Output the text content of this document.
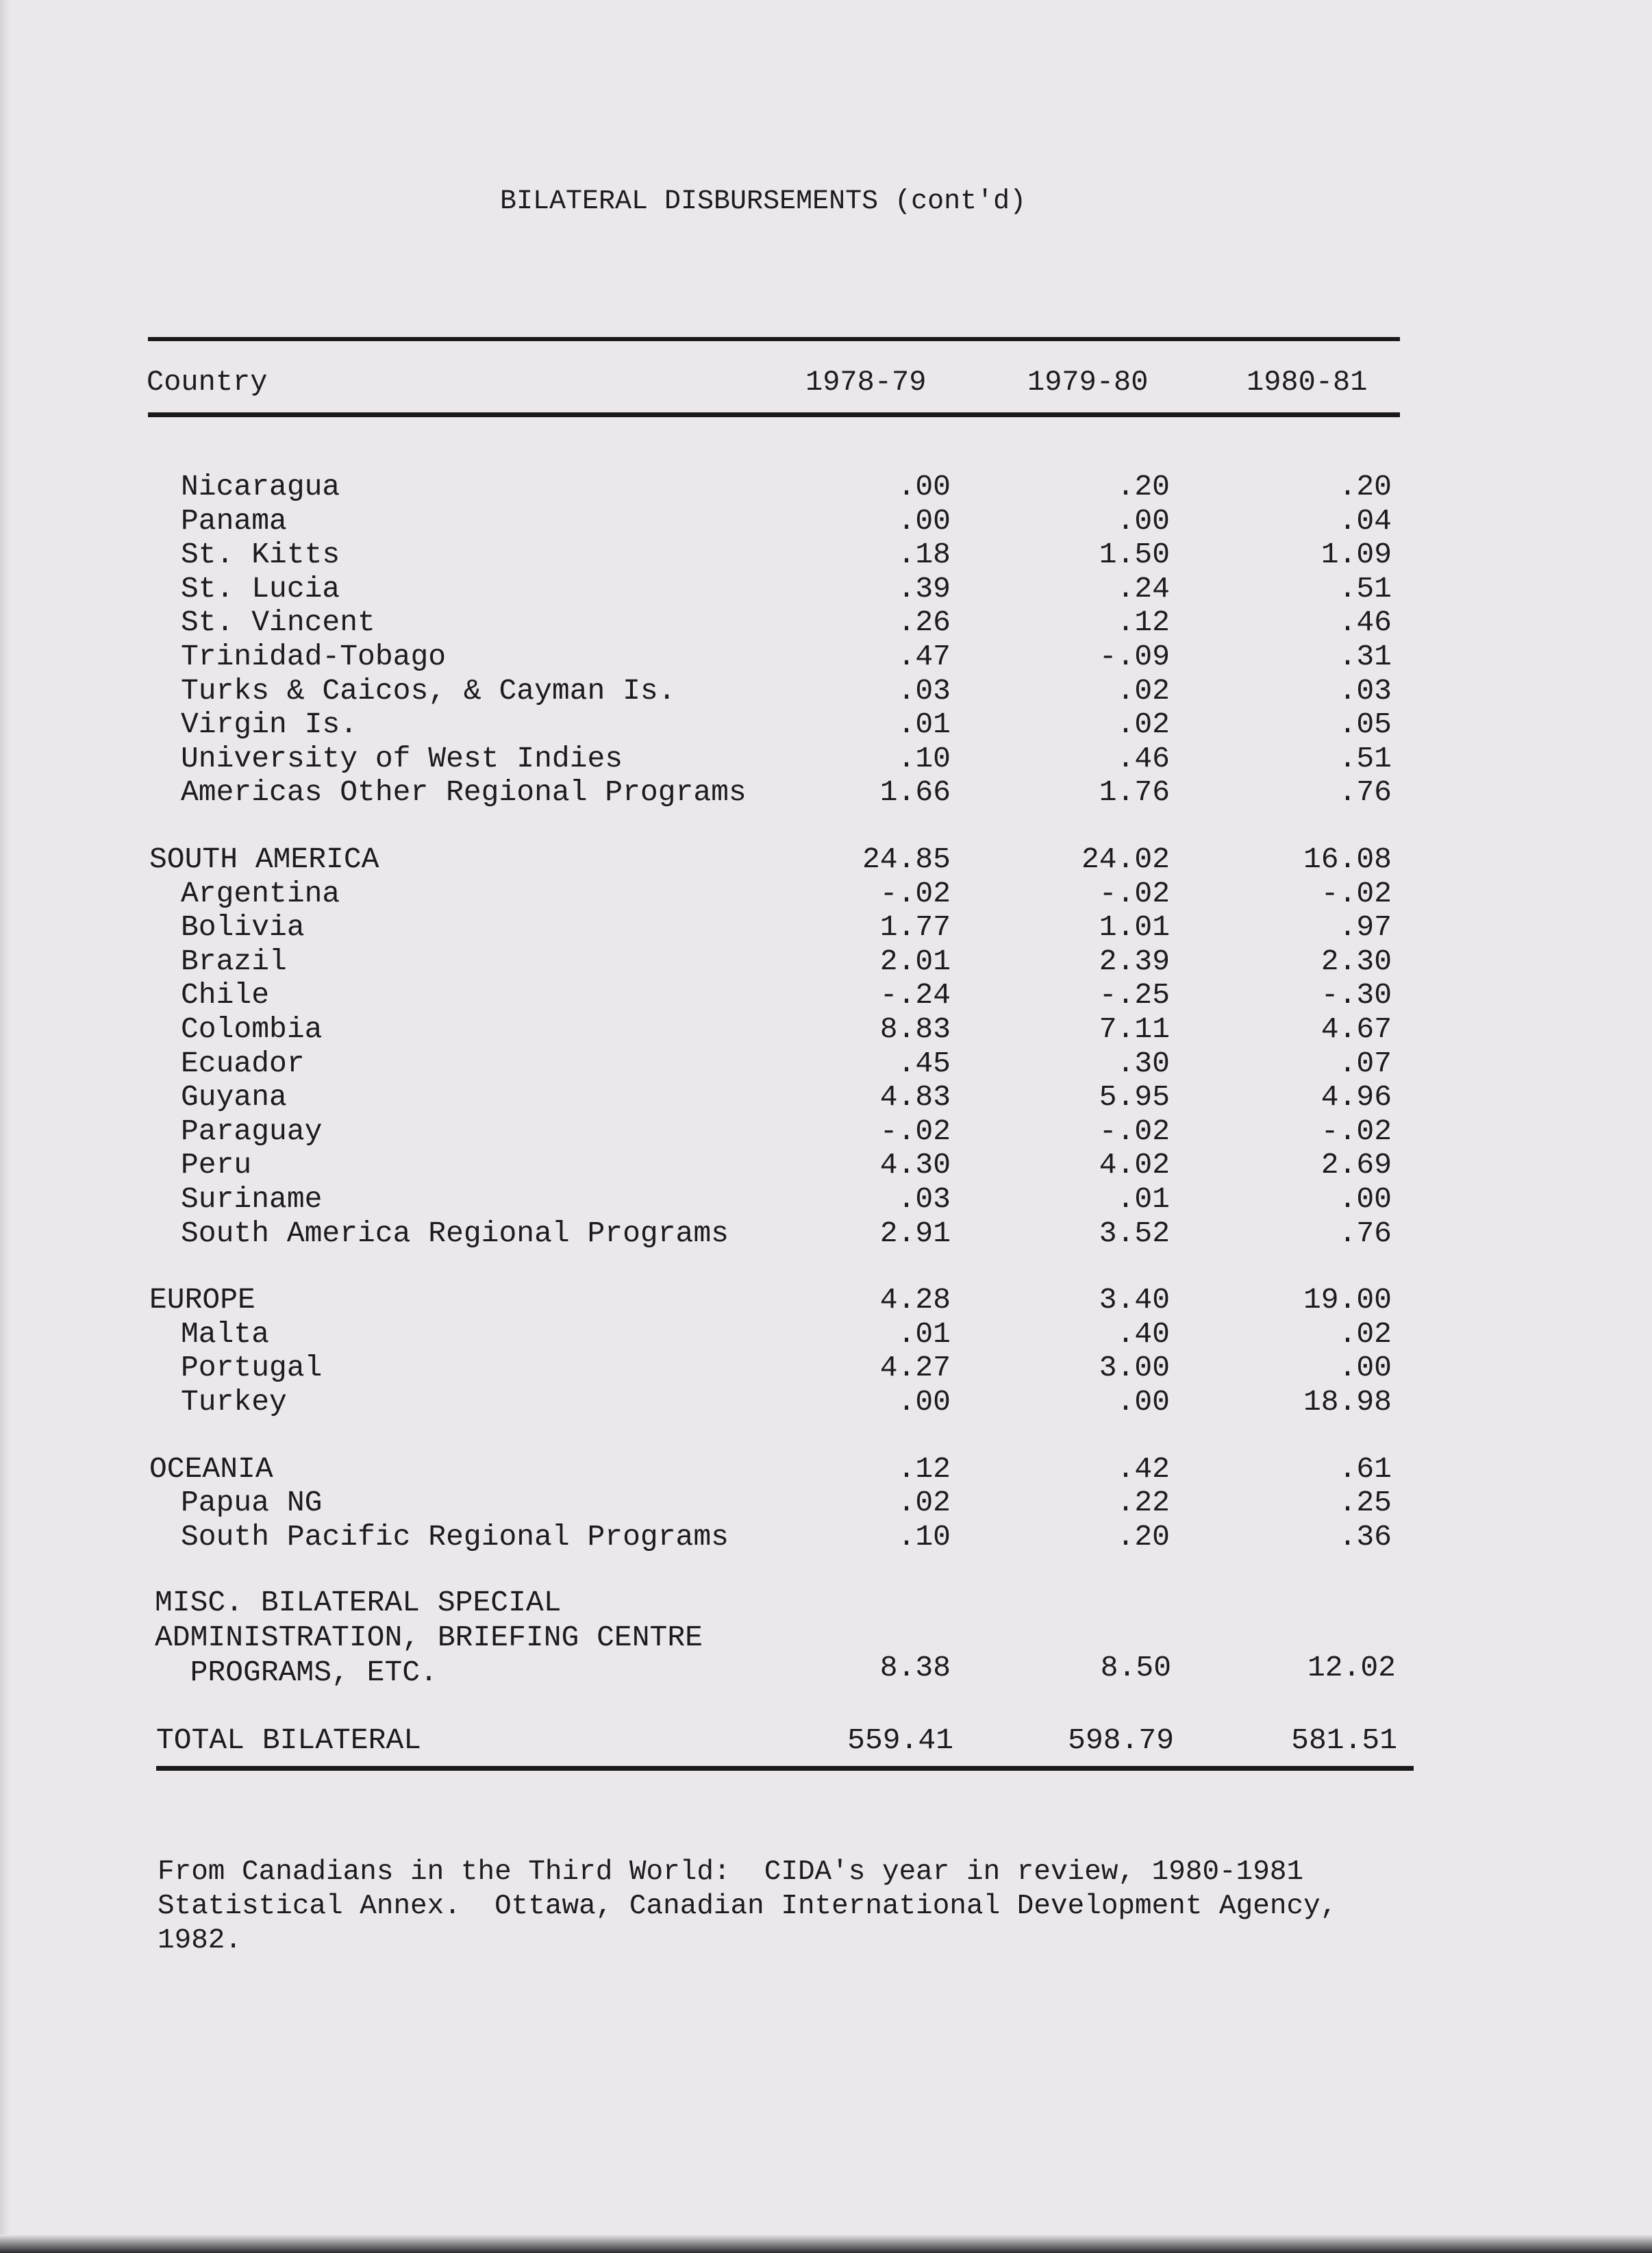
BILATERAL DISBURSEMENTS (cont'd)
Country	1978-79	1979-80	1980-81
Nicaragua	.00	.20	.20
Panama	.00	.00	.04
St. Kitts	.18	1.50	1.09
St. Lucia	.39	.24	.51
St. Vincent	.26	.12	.46
Trinidad-Tobago	.47	-.09	.31
Turks & Caicos, & Cayman Is.	.03	.02	.03
Virgin Is.	.01	.02	.05
University of West Indies	.10	.46	.51
Americas Other Regional Programs	1.66	1.76	.76
SOUTH AMERICA	24.85	24.02	16.08
Argentina	-.02	-.02	-.02
Bolivia	1.77	1.01	.97
Brazil	2.01	2.39	2.30
Chile	-.24	-.25	-.30
Colombia	8.83	7.11	4.67
Ecuador	.45	.30	.07
Guyana	4.83	5.95	4.96
Paraguay	-.02	-.02	-.02
Peru	4.30	4.02	2.69
Suriname	.03	.01	.00
South America Regional Programs	2.91	3.52	.76
EUROPE	4.28	3.40	19.00
Malta	.01	.40	.02
Portugal	4.27	3.00	.00
Turkey	.00	.00	18.98
OCEANIA	.12	.42	.61
Papua NG	.02	.22	.25
South Pacific Regional Programs	.10	.20	.36
MISC. BILATERAL SPECIAL
ADMINISTRATION, BRIEFING CENTRE
PROGRAMS, ETC.	8.38	8.50	12.02
TOTAL BILATERAL	559.41	598.79	581.51
From Canadians in the Third World:  CIDA's year in review, 1980-1981
Statistical Annex.  Ottawa, Canadian International Development Agency,
1982.
